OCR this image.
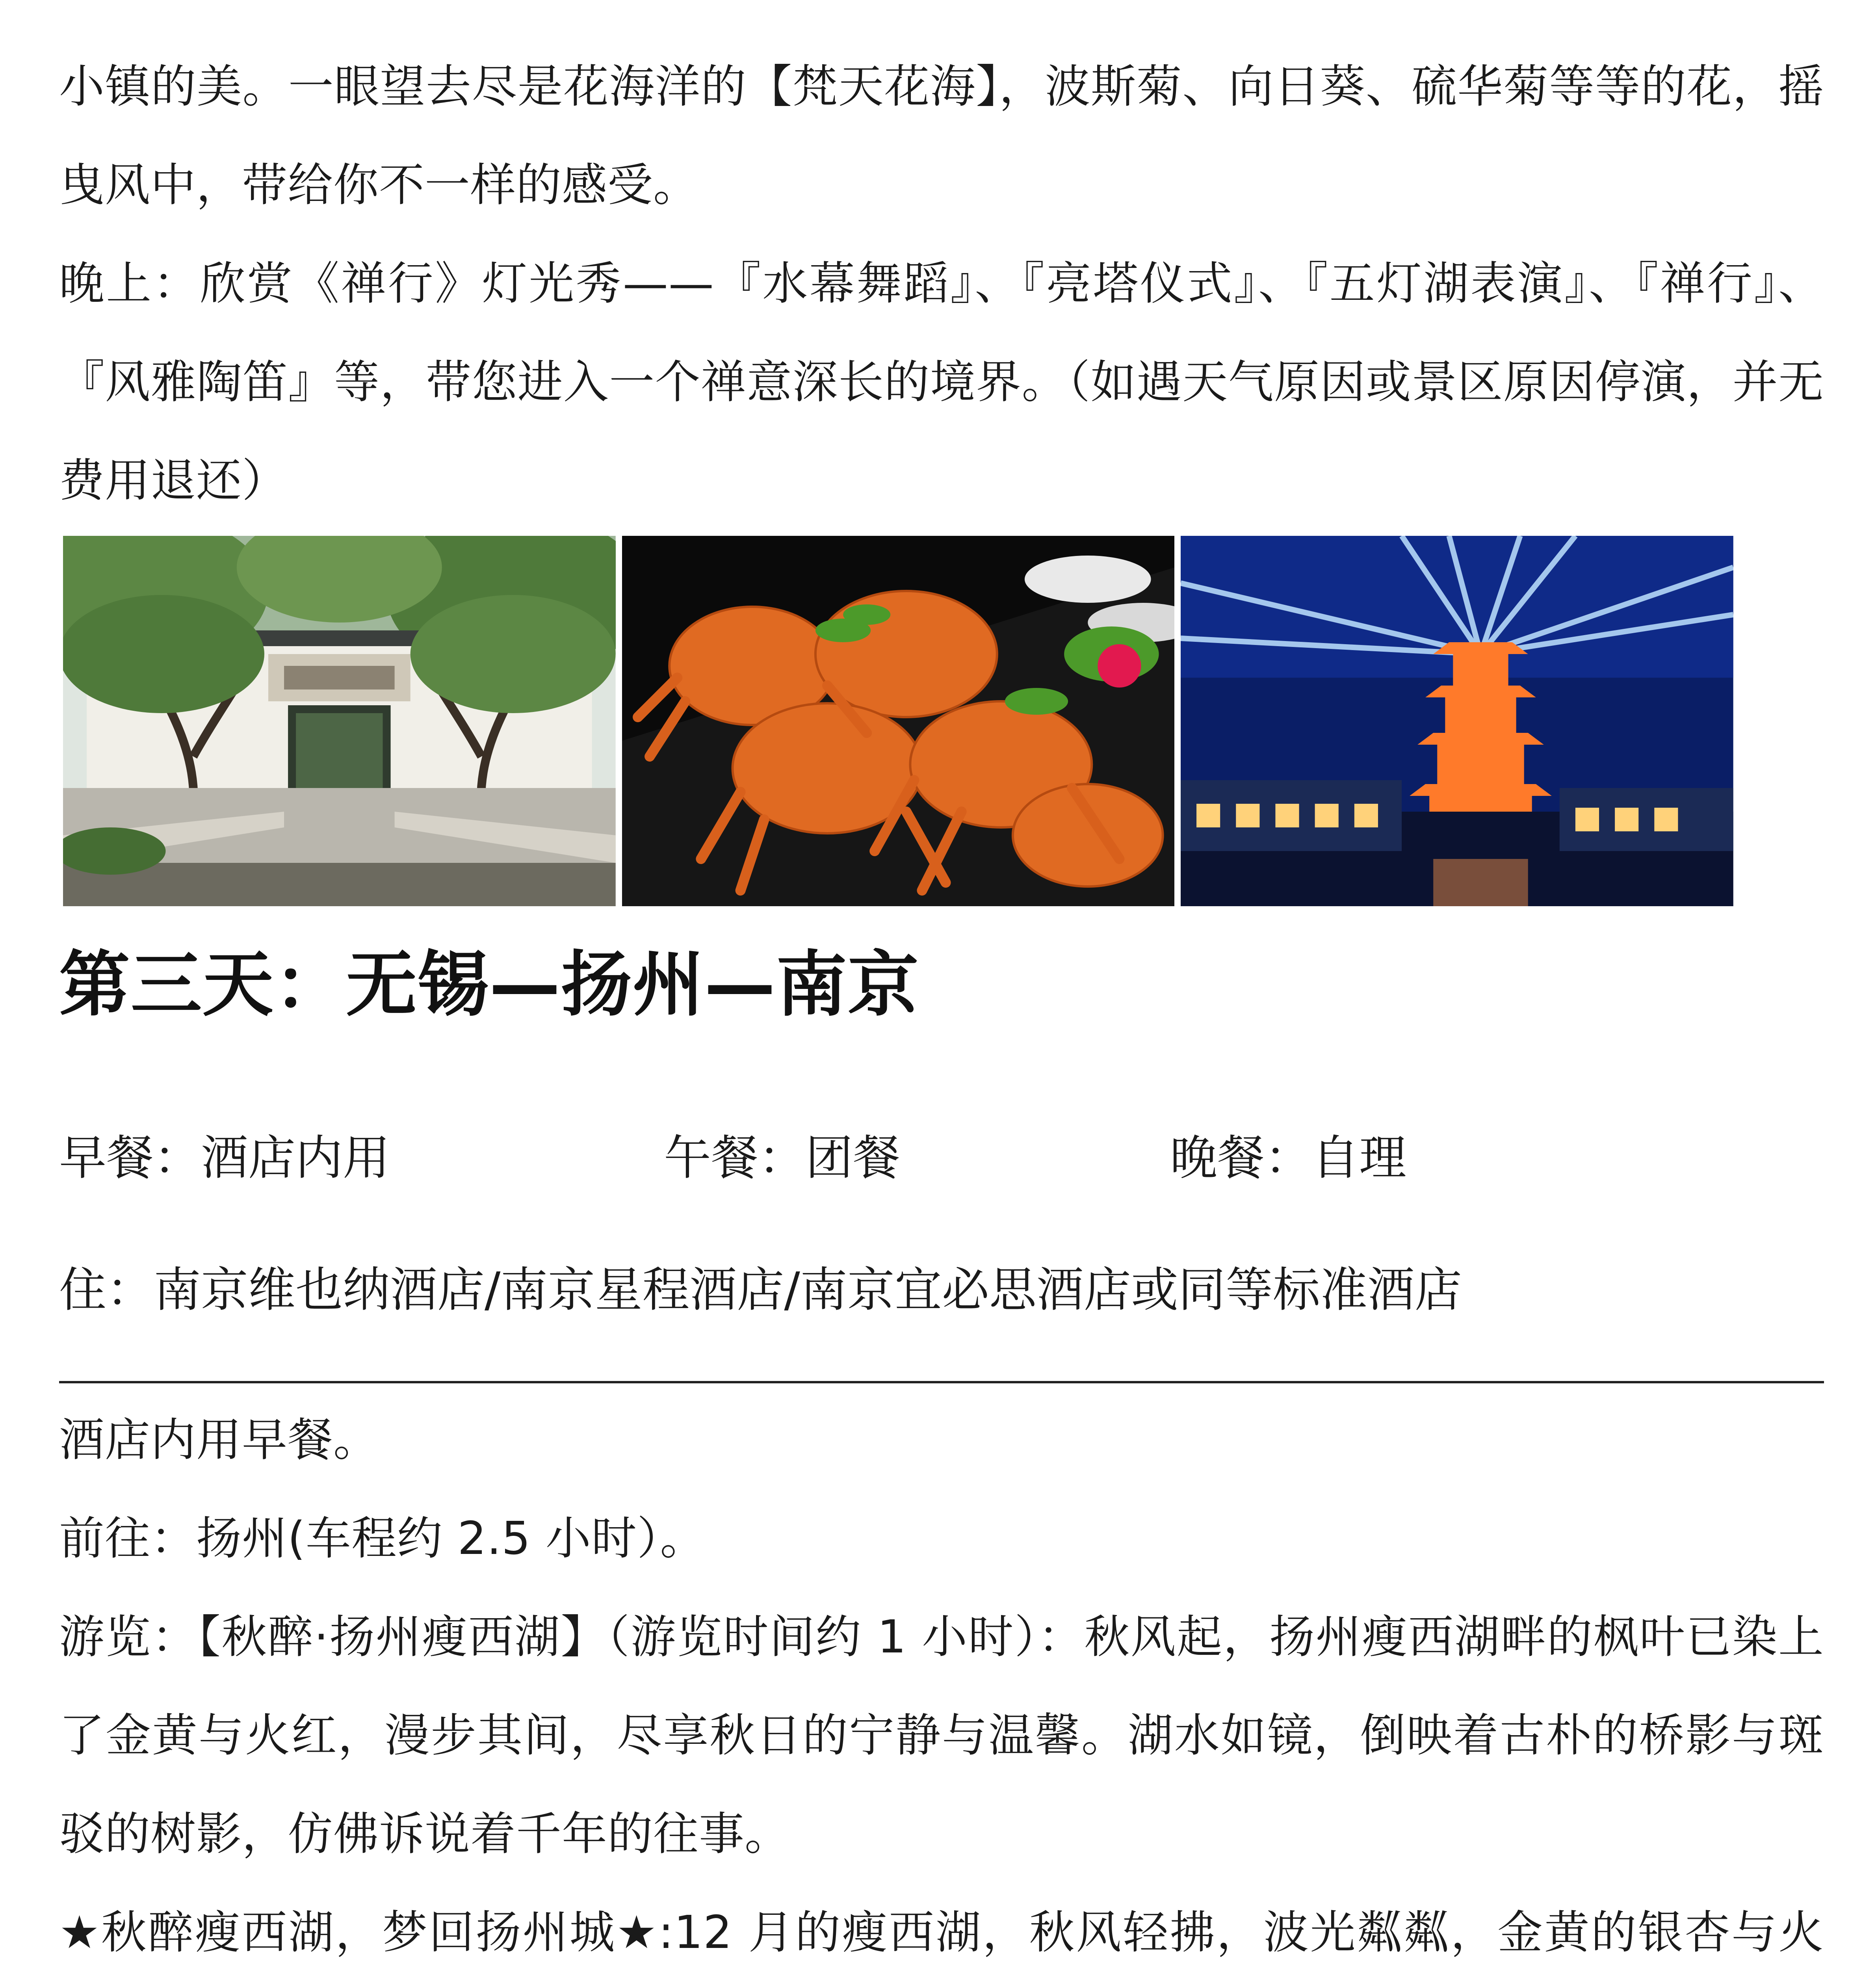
小镇的美。一眼望去尽是花海洋的【梵天花海】，波斯菊、向日葵、硫华菊等等的花，摇曳风中，带给你不一样的感受。

晚上：欣赏《禅行》灯光秀——『水幕舞蹈』、『亮塔仪式』、『五灯湖表演』、『禅行』、『风雅陶笛』等，带您进入一个禅意深长的境界。（如遇天气原因或景区原因停演，并无费用退还）

第三天：无锡—扬州—南京
早餐：酒店内用	午餐：团餐	晚餐：自理

住：南京维也纳酒店/南京星程酒店/南京宜必思酒店或同等标准酒店

酒店内用早餐。

前往：扬州(车程约 2.5 小时）。

游览：【秋醉·扬州瘦西湖】（游览时间约 1 小时）：秋风起，扬州瘦西湖畔的枫叶已染上了金黄与火红，漫步其间，尽享秋日的宁静与温馨。湖水如镜，倒映着古朴的桥影与斑驳的树影，仿佛诉说着千年的往事。

★秋醉瘦西湖，梦回扬州城★:12 月的瘦西湖，秋风轻拂，波光粼粼，金黄的银杏与火
